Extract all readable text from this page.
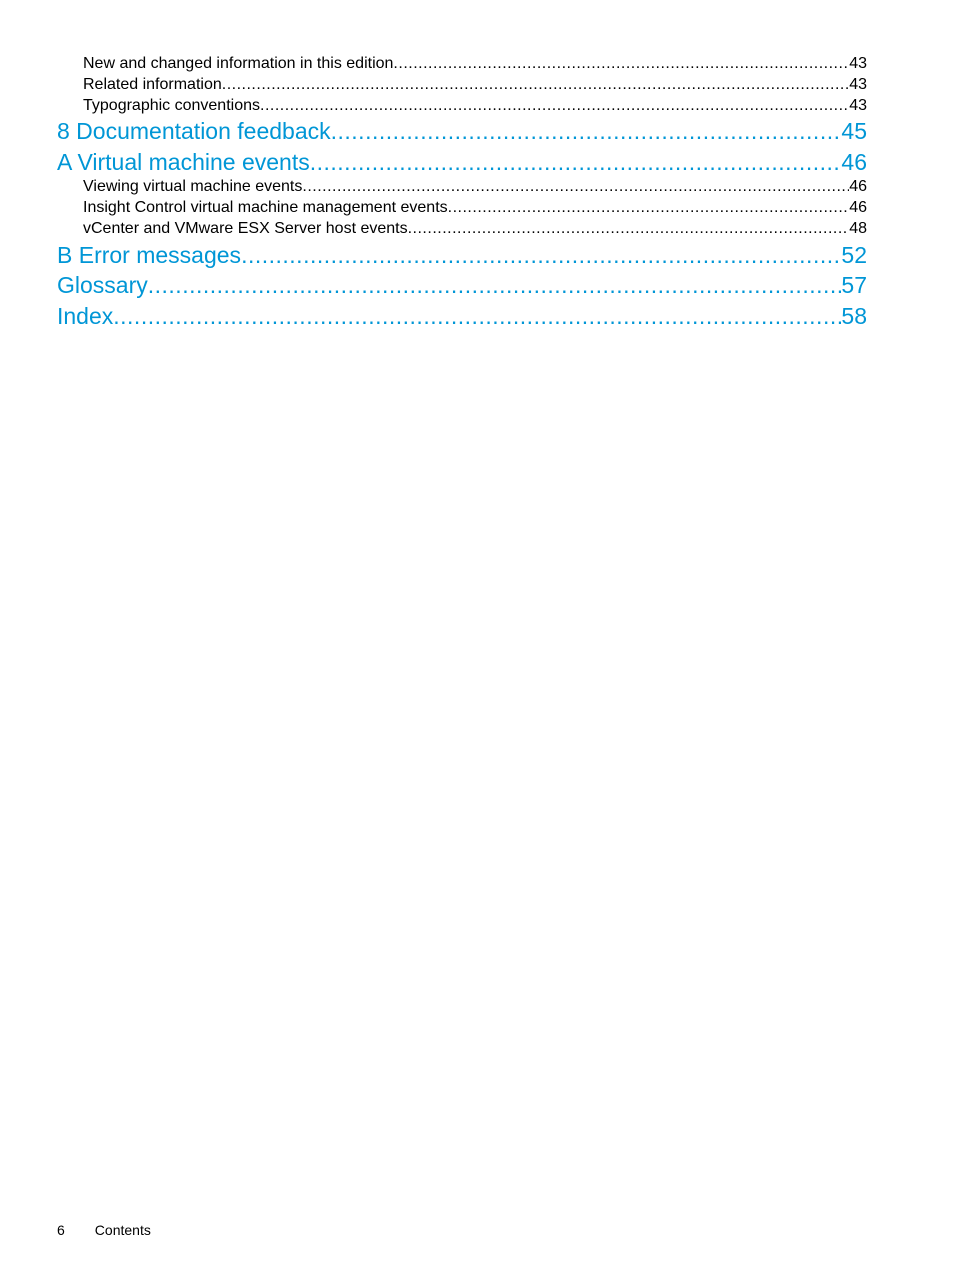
New and changed information in this edition .....	43
Related information .....	43
Typographic conventions .....	43
8 Documentation feedback .....	45
A Virtual machine events .....	46
Viewing virtual machine events .....	46
Insight Control virtual machine management events .....	46
vCenter and VMware ESX Server host events .....	48
B Error messages .....	52
Glossary .....	57
Index .....	58
6 Contents
